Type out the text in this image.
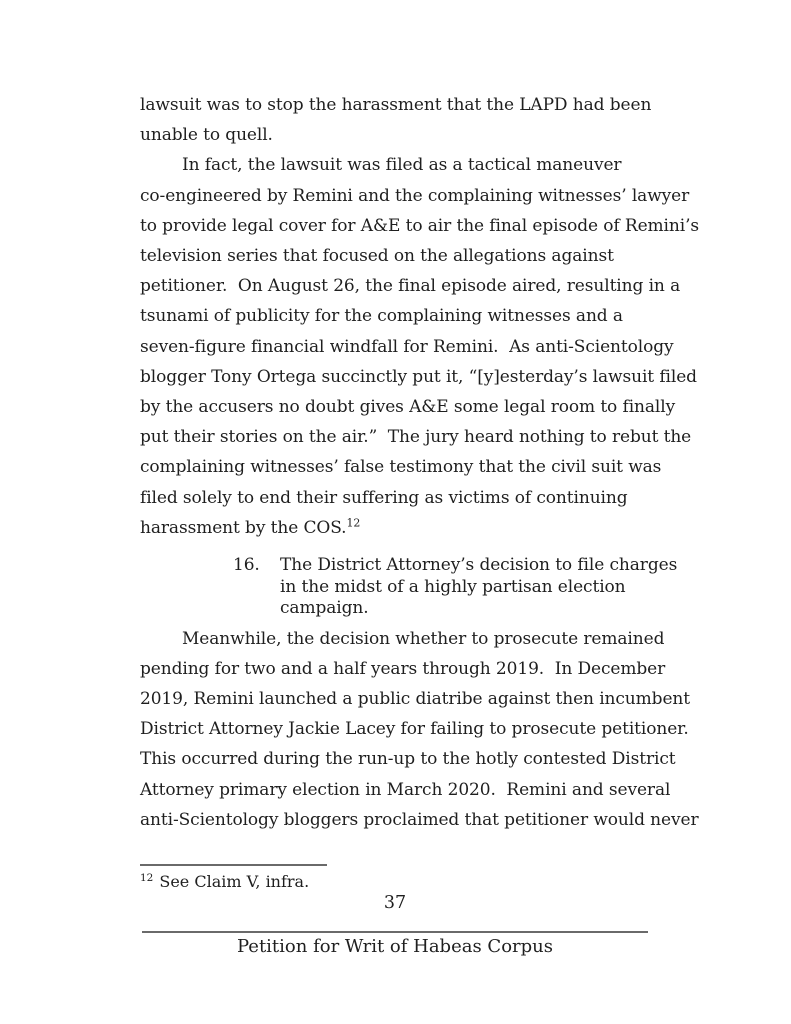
lawsuit was to stop the harassment that the LAPD had been
unable to quell.
In fact, the lawsuit was filed as a tactical maneuver
co-engineered by Remini and the complaining witnesses’ lawyer
to provide legal cover for A&E to air the final episode of Remini’s
television series that focused on the allegations against
petitioner.  On August 26, the final episode aired, resulting in a
tsunami of publicity for the complaining witnesses and a
seven-figure financial windfall for Remini.  As anti-Scientology
blogger Tony Ortega succinctly put it, “[y]esterday’s lawsuit filed
by the accusers no doubt gives A&E some legal room to finally
put their stories on the air.”  The jury heard nothing to rebut the
complaining witnesses’ false testimony that the civil suit was
filed solely to end their suffering as victims of continuing
harassment by the COS.$^{12}$
16.	The District Attorney’s decision to file charges
in the midst of a highly partisan election
campaign.
Meanwhile, the decision whether to prosecute remained
pending for two and a half years through 2019.  In December
2019, Remini launched a public diatribe against then incumbent
District Attorney Jackie Lacey for failing to prosecute petitioner.
This occurred during the run-up to the hotly contested District
Attorney primary election in March 2020.  Remini and several
anti-Scientology bloggers proclaimed that petitioner would never
$^{12}$ See Claim V, infra.
37
Petition for Writ of Habeas Corpus
